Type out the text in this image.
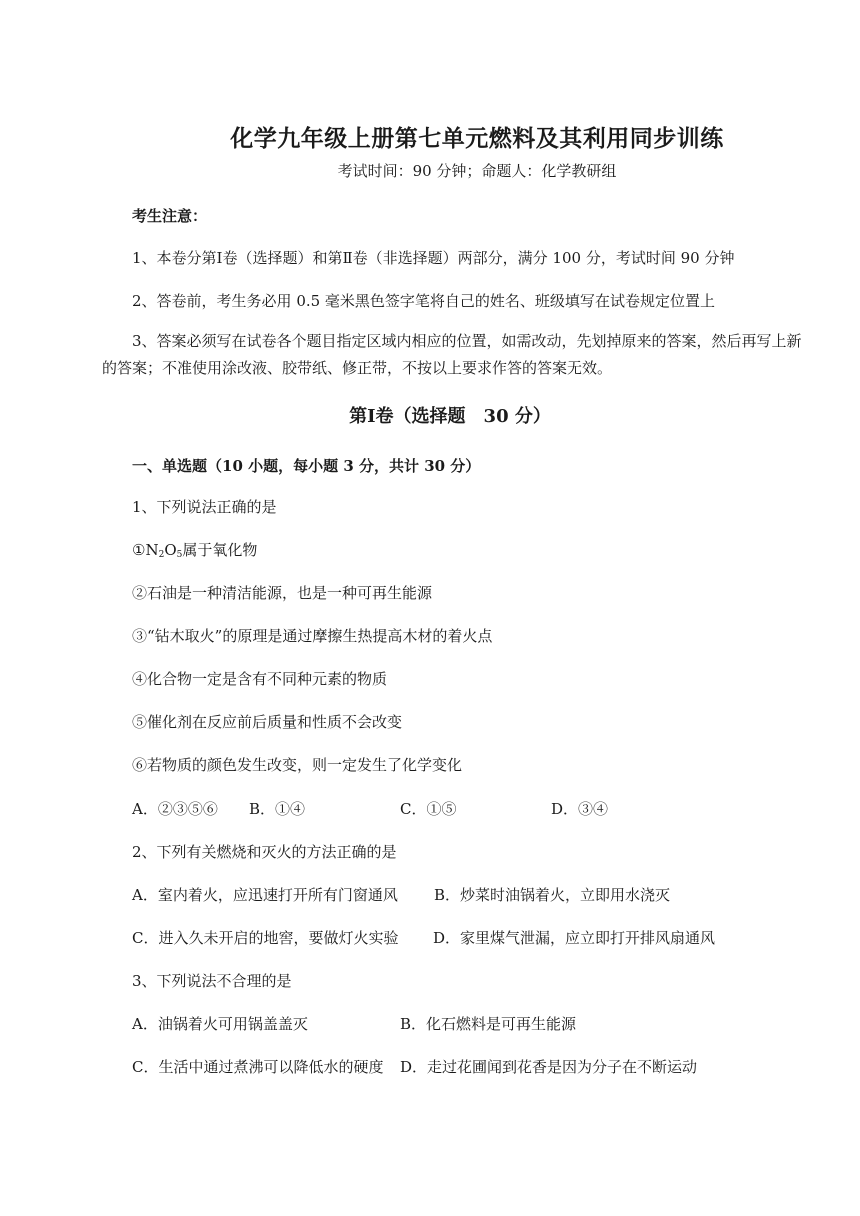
化学九年级上册第七单元燃料及其利用同步训练
考试时间：90 分钟；命题人：化学教研组
考生注意：
1、本卷分第Ⅰ卷（选择题）和第Ⅱ卷（非选择题）两部分，满分 100 分，考试时间 90 分钟
2、答卷前，考生务必用 0.5 毫米黑色签字笔将自己的姓名、班级填写在试卷规定位置上
3、答案必须写在试卷各个题目指定区域内相应的位置，如需改动，先划掉原来的答案，然后再写上新的答案；不准使用涂改液、胶带纸、修正带，不按以上要求作答的答案无效。
第Ⅰ卷（选择题　30 分）
一、单选题（10 小题，每小题 3 分，共计 30 分）
1、下列说法正确的是
$①N_2O_5$属于氧化物
②石油是一种清洁能源，也是一种可再生能源
③“钻木取火”的原理是通过摩擦生热提高木材的着火点
④化合物一定是含有不同种元素的物质
⑤催化剂在反应前后质量和性质不会改变
⑥若物质的颜色发生改变，则一定发生了化学变化
A．②③⑤⑥ B．①④	C．①⑤	D．③④
2、下列有关燃烧和灭火的方法正确的是
A．室内着火，应迅速打开所有门窗通风 B．炒菜时油锅着火，立即用水浇灭
C．进入久未开启的地窖，要做灯火实验 D．家里煤气泄漏，应立即打开排风扇通风
3、下列说法不合理的是
A．油锅着火可用锅盖盖灭	B．化石燃料是可再生能源
C．生活中通过煮沸可以降低水的硬度 D．走过花圃闻到花香是因为分子在不断运动
